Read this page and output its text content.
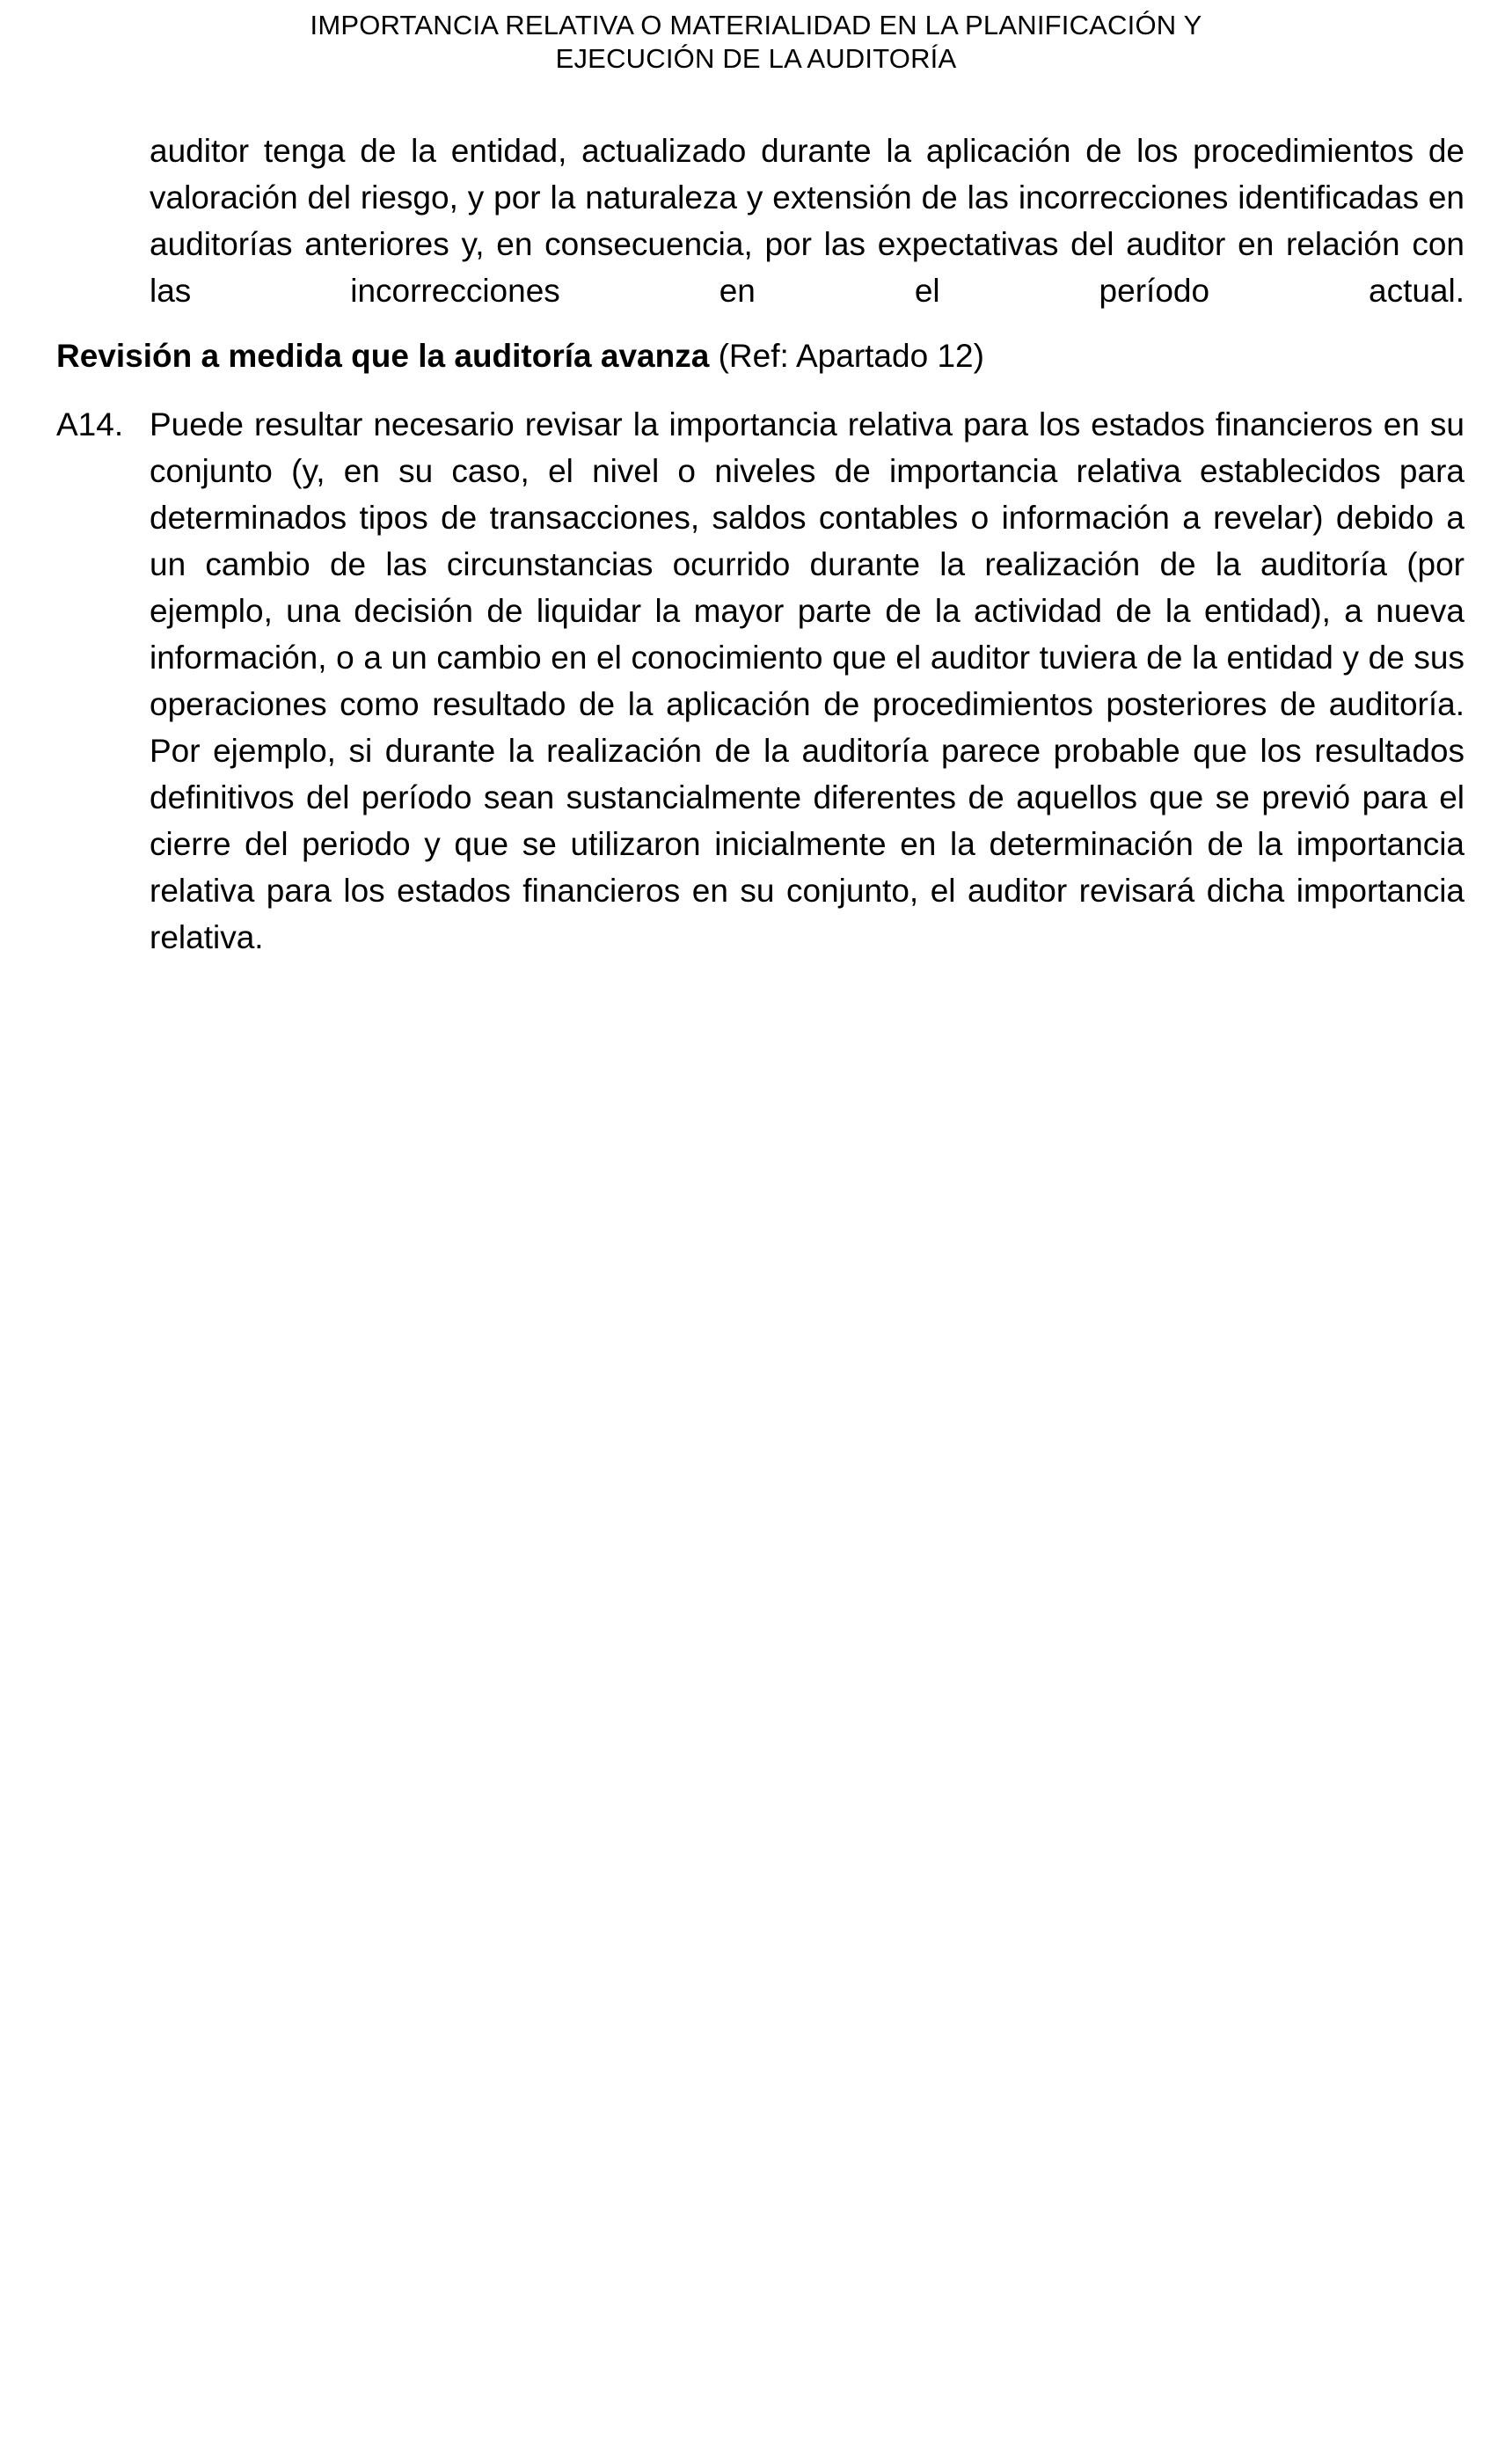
IMPORTANCIA RELATIVA O MATERIALIDAD EN LA PLANIFICACIÓN Y
EJECUCIÓN DE LA AUDITORÍA
auditor tenga de la entidad, actualizado durante la aplicación de los procedimientos de valoración del riesgo, y por la naturaleza y extensión de las incorrecciones identificadas en auditorías anteriores y, en consecuencia, por las expectativas del auditor en relación con las incorrecciones en el período actual.
Revisión a medida que la auditoría avanza (Ref: Apartado 12)
A14. Puede resultar necesario revisar la importancia relativa para los estados financieros en su conjunto (y, en su caso, el nivel o niveles de importancia relativa establecidos para determinados tipos de transacciones, saldos contables o información a revelar) debido a un cambio de las circunstancias ocurrido durante la realización de la auditoría (por ejemplo, una decisión de liquidar la mayor parte de la actividad de la entidad), a nueva información, o a un cambio en el conocimiento que el auditor tuviera de la entidad y de sus operaciones como resultado de la aplicación de procedimientos posteriores de auditoría. Por ejemplo, si durante la realización de la auditoría parece probable que los resultados definitivos del período sean sustancialmente diferentes de aquellos que se previó para el cierre del periodo y que se utilizaron inicialmente en la determinación de la importancia relativa para los estados financieros en su conjunto, el auditor revisará dicha importancia relativa.
